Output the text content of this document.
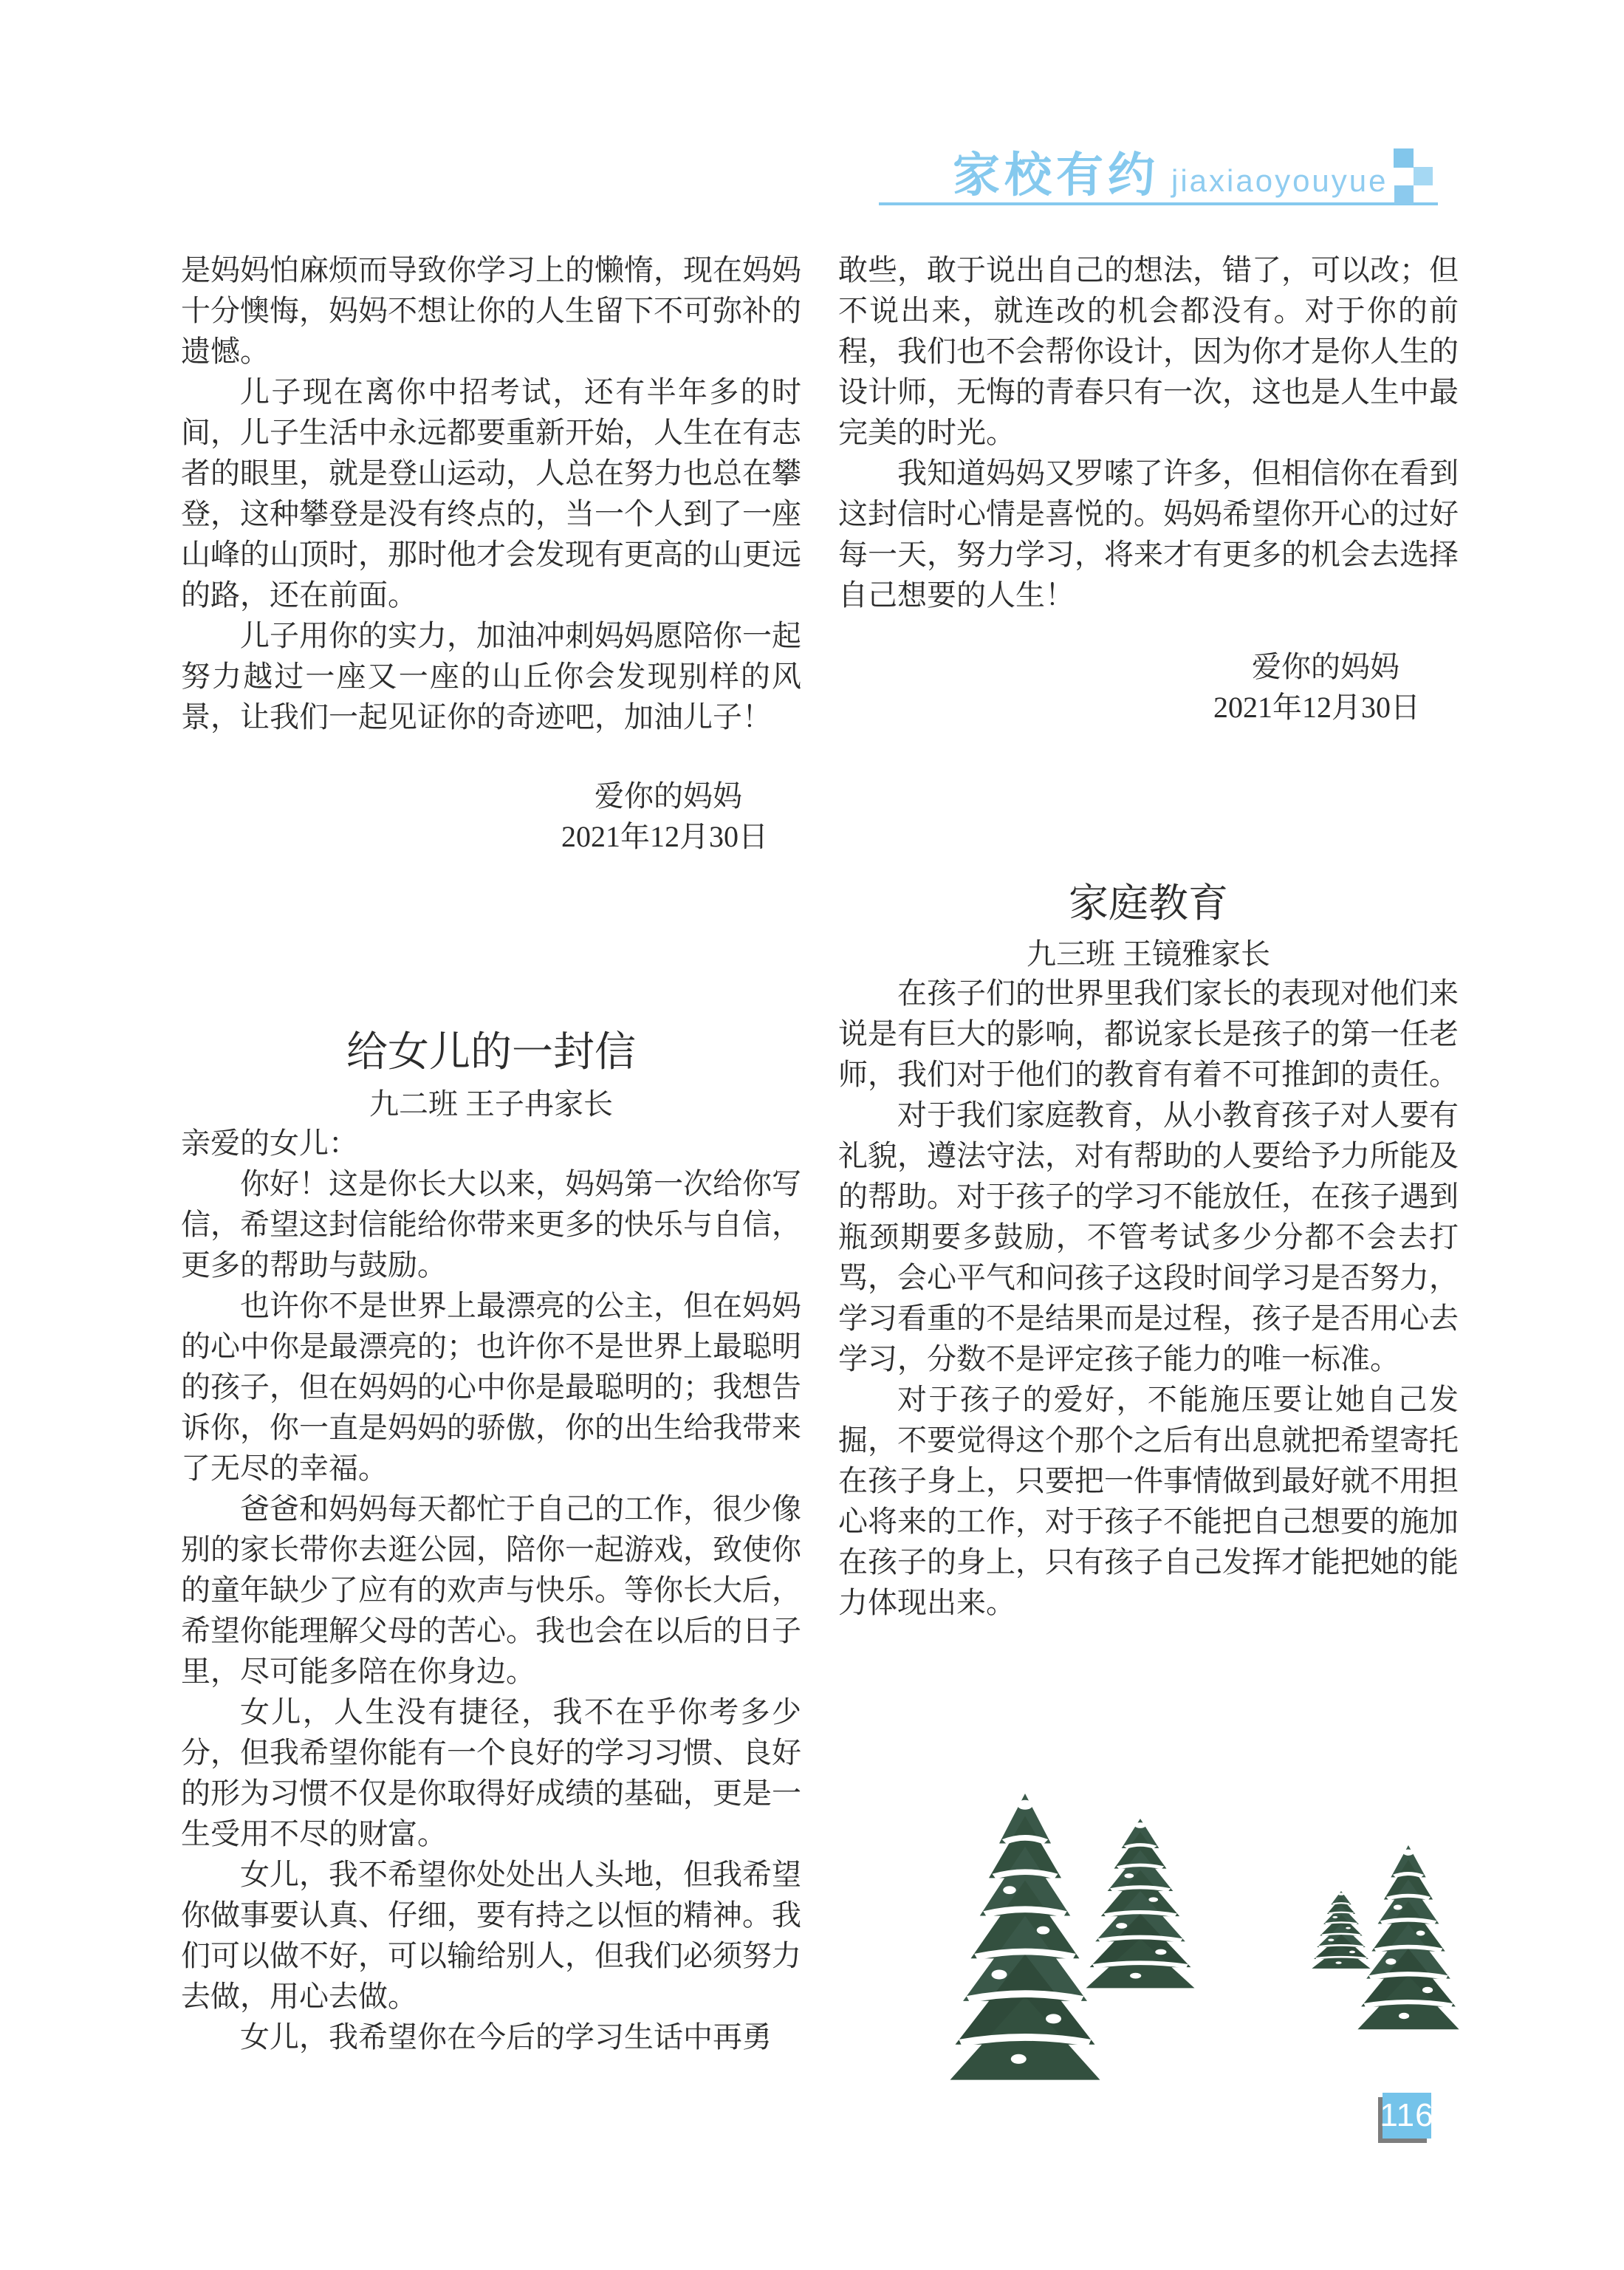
家校有约 jiaxiaoyouyue

是妈妈怕麻烦而导致你学习上的懒惰，现在妈妈十分懊悔，妈妈不想让你的人生留下不可弥补的遗憾。

儿子现在离你中招考试，还有半年多的时间，儿子生活中永远都要重新开始，人生在有志者的眼里，就是登山运动，人总在努力也总在攀登，这种攀登是没有终点的，当一个人到了一座山峰的山顶时，那时他才会发现有更高的山更远的路，还在前面。

儿子用你的实力，加油冲刺妈妈愿陪你一起努力越过一座又一座的山丘你会发现别样的风景，让我们一起见证你的奇迹吧，加油儿子！

爱你的妈妈
2021年12月30日
给女儿的一封信
九二班 王子冉家长

亲爱的女儿：

你好！这是你长大以来，妈妈第一次给你写信，希望这封信能给你带来更多的快乐与自信，更多的帮助与鼓励。

也许你不是世界上最漂亮的公主，但在妈妈的心中你是最漂亮的；也许你不是世界上最聪明的孩子，但在妈妈的心中你是最聪明的；我想告诉你，你一直是妈妈的骄傲，你的出生给我带来了无尽的幸福。

爸爸和妈妈每天都忙于自己的工作，很少像别的家长带你去逛公园，陪你一起游戏，致使你的童年缺少了应有的欢声与快乐。等你长大后，希望你能理解父母的苦心。我也会在以后的日子里，尽可能多陪在你身边。

女儿，人生没有捷径，我不在乎你考多少分，但我希望你能有一个良好的学习习惯、良好的形为习惯不仅是你取得好成绩的基础，更是一生受用不尽的财富。

女儿，我不希望你处处出人头地，但我希望你做事要认真、仔细，要有持之以恒的精神。我们可以做不好，可以输给别人，但我们必须努力去做，用心去做。

女儿，我希望你在今后的学习生话中再勇

敢些，敢于说出自己的想法，错了，可以改；但不说出来，就连改的机会都没有。对于你的前程，我们也不会帮你设计，因为你才是你人生的设计师，无悔的青春只有一次，这也是人生中最完美的时光。

我知道妈妈又罗嗦了许多，但相信你在看到这封信时心情是喜悦的。妈妈希望你开心的过好每一天，努力学习，将来才有更多的机会去选择自己想要的人生！

爱你的妈妈
2021年12月30日
家庭教育
九三班 王镜雅家长

在孩子们的世界里我们家长的表现对他们来说是有巨大的影响，都说家长是孩子的第一任老师，我们对于他们的教育有着不可推卸的责任。

对于我们家庭教育，从小教育孩子对人要有礼貌，遵法守法，对有帮助的人要给予力所能及的帮助。对于孩子的学习不能放任，在孩子遇到瓶颈期要多鼓励，不管考试多少分都不会去打骂，会心平气和问孩子这段时间学习是否努力，学习看重的不是结果而是过程，孩子是否用心去学习，分数不是评定孩子能力的唯一标准。

对于孩子的爱好，不能施压要让她自己发掘，不要觉得这个那个之后有出息就把希望寄托在孩子身上，只要把一件事情做到最好就不用担心将来的工作，对于孩子不能把自己想要的施加在孩子的身上，只有孩子自己发挥才能把她的能力体现出来。

116
